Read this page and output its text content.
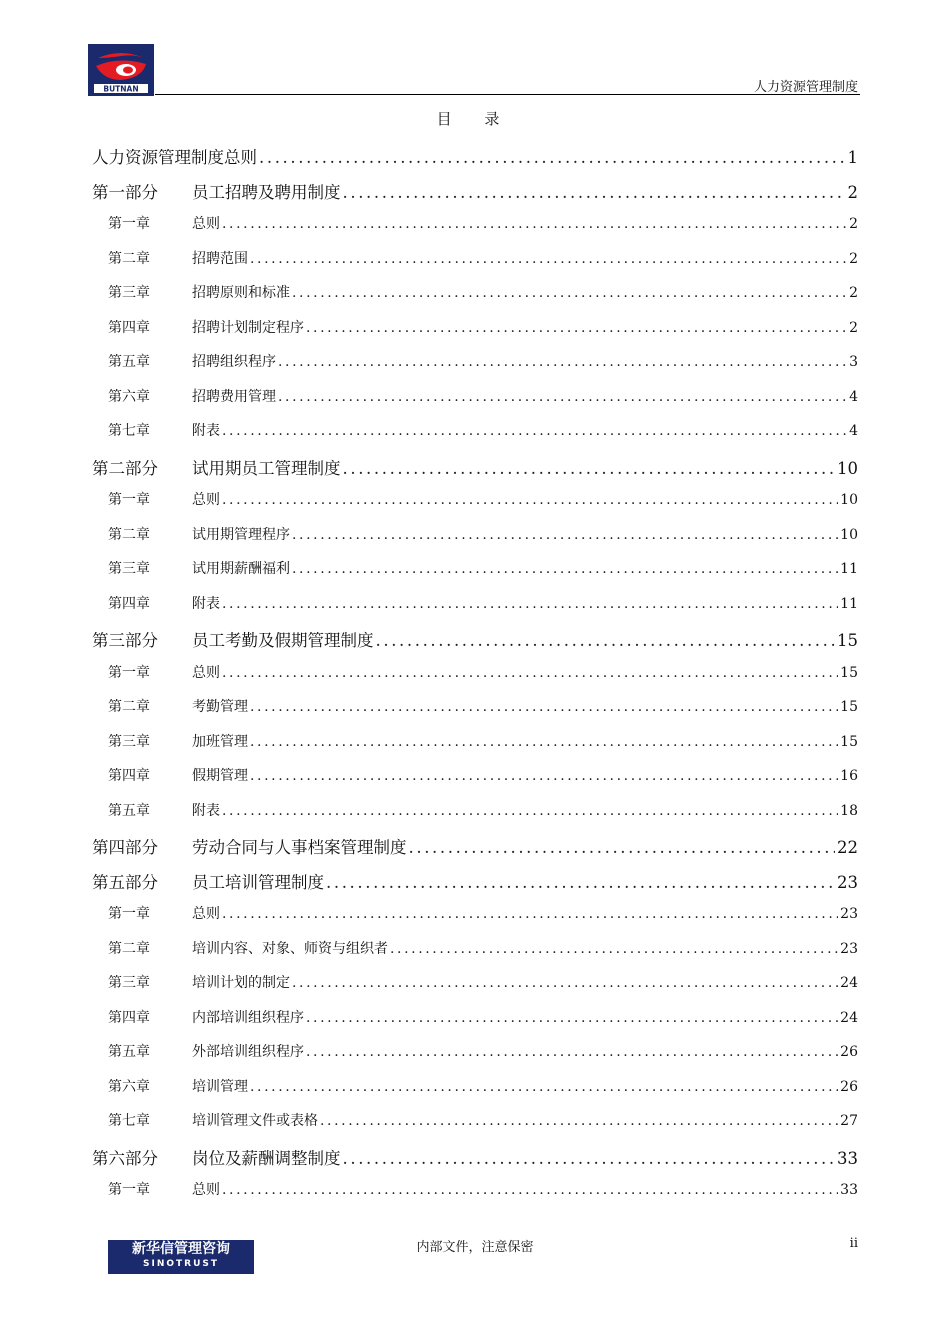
BUTNAN	人力资源管理制度
目 录
人力资源管理制度总则 .....	1
第一部分	员工招聘及聘用制度 .....	2
第一章	总则 .....	2
第二章	招聘范围 .....	2
第三章	招聘原则和标准 .....	2
第四章	招聘计划制定程序 .....	2
第五章	招聘组织程序 .....	3
第六章	招聘费用管理 .....	4
第七章	附表 .....	4
第二部分	试用期员工管理制度 .....	10
第一章	总则 .....	10
第二章	试用期管理程序 .....	10
第三章	试用期薪酬福利 .....	11
第四章	附表 .....	11
第三部分	员工考勤及假期管理制度 .....	15
第一章	总则 .....	15
第二章	考勤管理 .....	15
第三章	加班管理 .....	15
第四章	假期管理 .....	16
第五章	附表 .....	18
第四部分	劳动合同与人事档案管理制度 .....	22
第五部分	员工培训管理制度 .....	23
第一章	总则 .....	23
第二章	培训内容、对象、师资与组织者 .....	23
第三章	培训计划的制定 .....	24
第四章	内部培训组织程序 .....	24
第五章	外部培训组织程序 .....	26
第六章	培训管理 .....	26
第七章	培训管理文件或表格 .....	27
第六部分	岗位及薪酬调整制度 .....	33
第一章	总则 .....	33
新华信管理咨询
SINOTRUST
内部文件，注意保密	ii
